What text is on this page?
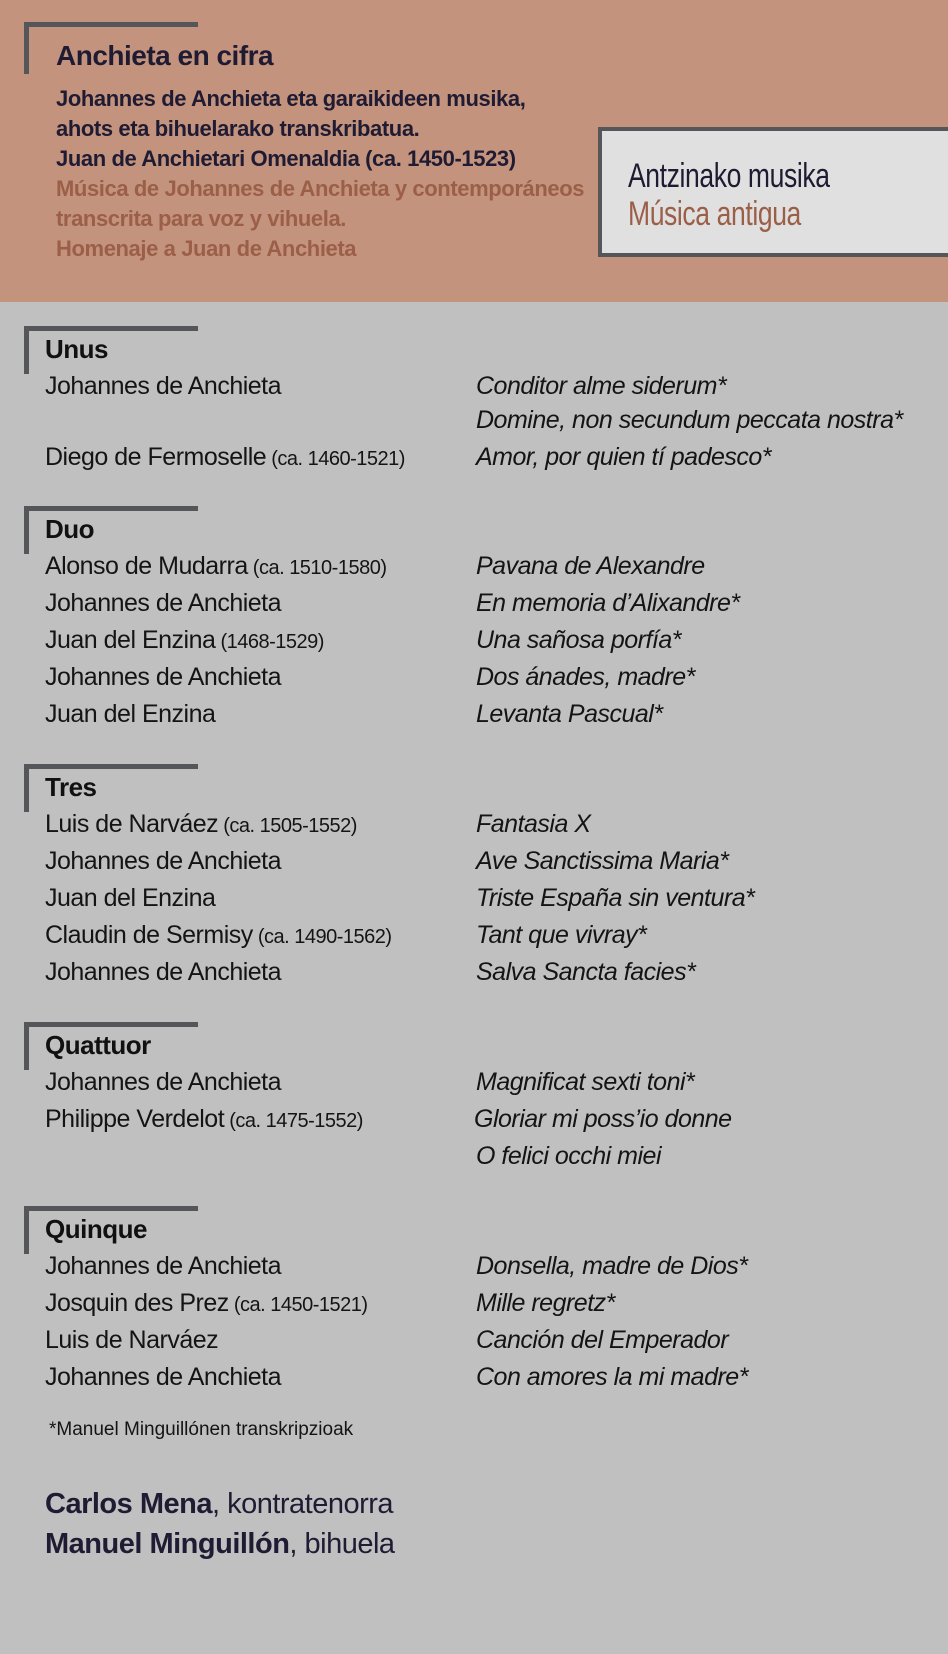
Anchieta en cifra
Johannes de Anchieta eta garaikideen musika,
ahots eta bihuelarako transkribatua.
Juan de Anchietari Omenaldia (ca. 1450-1523)
Música de Johannes de Anchieta y contemporáneos
transcrita para voz y vihuela.
Homenaje a Juan de Anchieta
Antzinako musika
Música antigua
Unus
Johannes de Anchieta	Conditor alme siderum*
Domine, non secundum peccata nostra*
Diego de Fermoselle (ca. 1460-1521)	Amor, por quien tí padesco*
Duo
Alonso de Mudarra (ca. 1510-1580)	Pavana de Alexandre
Johannes de Anchieta	En memoria d’Alixandre*
Juan del Enzina (1468-1529)	Una sañosa porfía*
Johannes de Anchieta	Dos ánades, madre*
Juan del Enzina	Levanta Pascual*
Tres
Luis de Narváez (ca. 1505-1552)	Fantasia X
Johannes de Anchieta	Ave Sanctissima Maria*
Juan del Enzina	Triste España sin ventura*
Claudin de Sermisy (ca. 1490-1562)	Tant que vivray*
Johannes de Anchieta	Salva Sancta facies*
Quattuor
Johannes de Anchieta	Magnificat sexti toni*
Philippe Verdelot (ca. 1475-1552)	Gloriar mi poss’io donne
O felici occhi miei
Quinque
Johannes de Anchieta	Donsella, madre de Dios*
Josquin des Prez (ca. 1450-1521)	Mille regretz*
Luis de Narváez	Canción del Emperador
Johannes de Anchieta	Con amores la mi madre*
*Manuel Minguillónen transkripzioak
Carlos Mena, kontratenorra
Manuel Minguillón, bihuela
